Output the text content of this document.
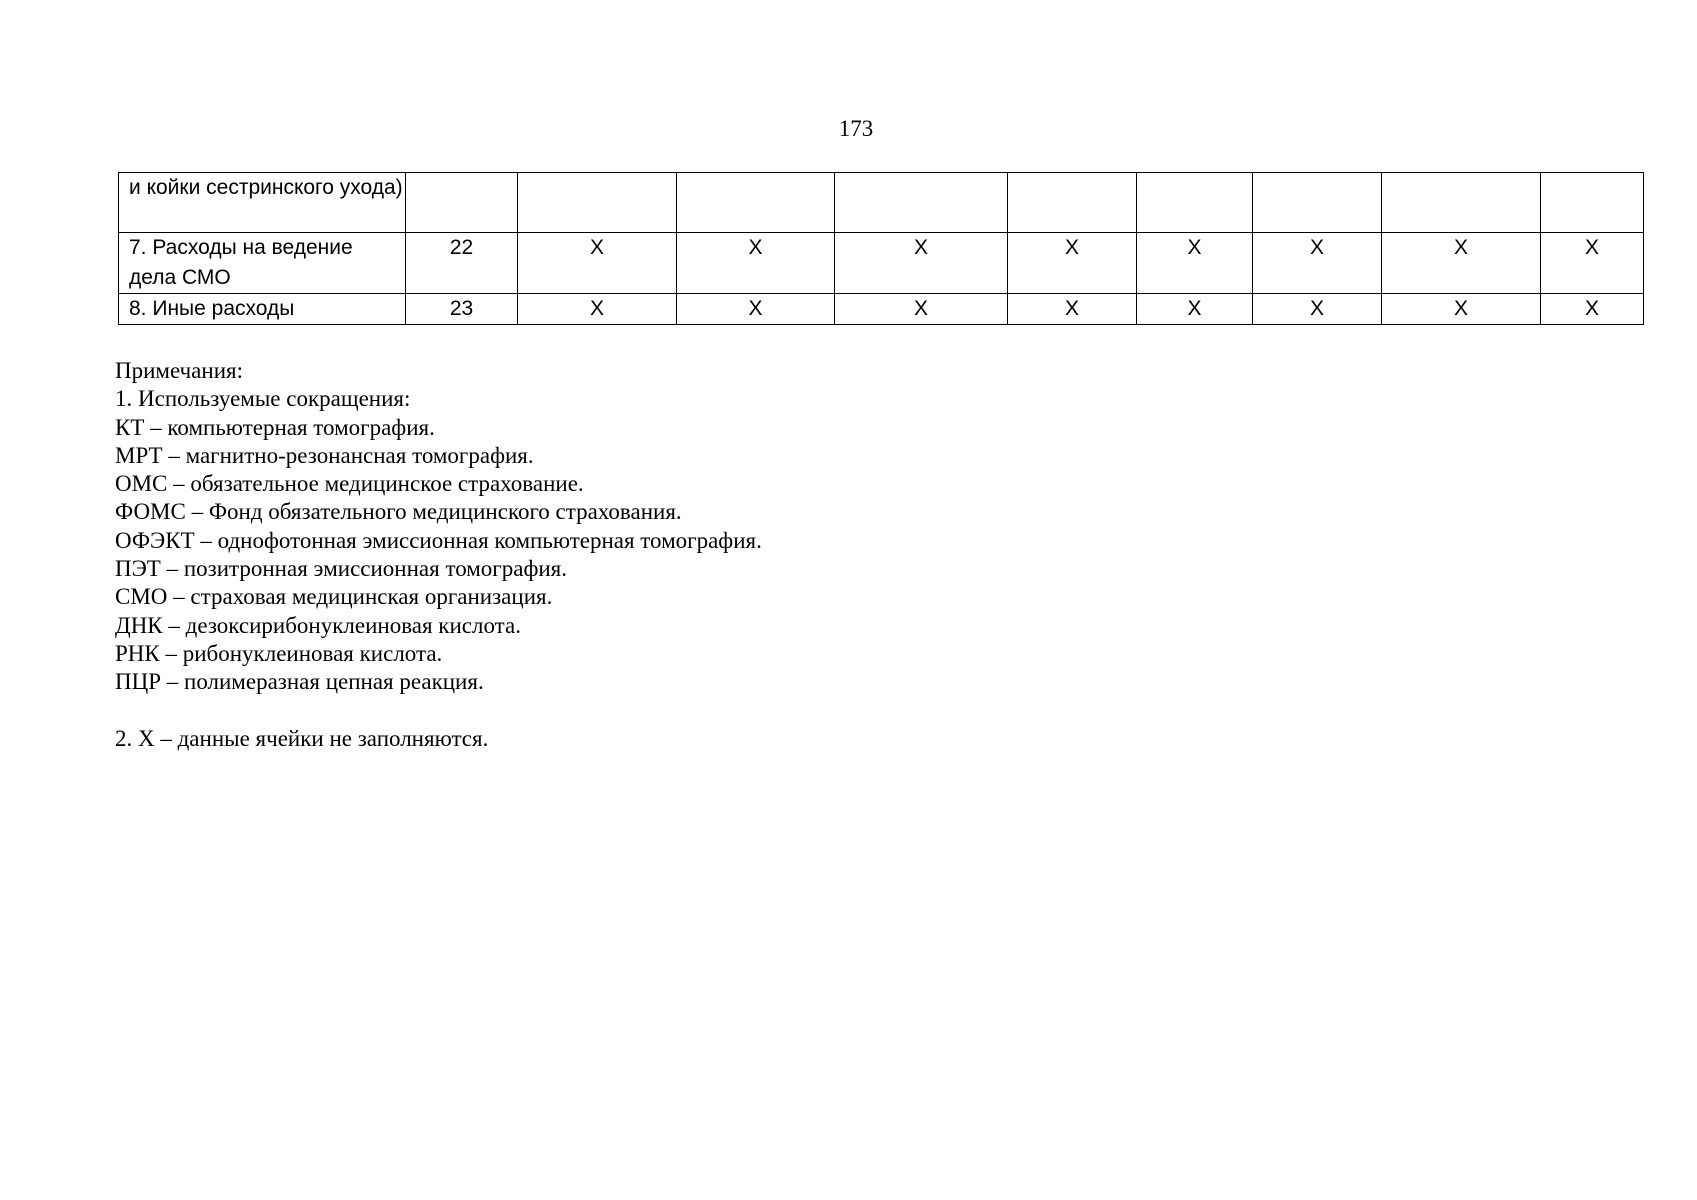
173
и койки сестринского ухода)									
7. Расходы на ведение дела СМО	22	X	X	X	X	X	X	X	X
8. Иные расходы	23	X	X	X	X	X	X	X	X
Примечания:
1. Используемые сокращения:
КТ – компьютерная томография.
МРТ – магнитно-резонансная томография.
ОМС – обязательное медицинское страхование.
ФОМС – Фонд обязательного медицинского страхования.
ОФЭКТ – однофотонная эмиссионная компьютерная томография.
ПЭТ – позитронная эмиссионная томография.
СМО – страховая медицинская организация.
ДНК – дезоксирибонуклеиновая кислота.
РНК – рибонуклеиновая кислота.
ПЦР – полимеразная цепная реакция.
2. X – данные ячейки не заполняются.
